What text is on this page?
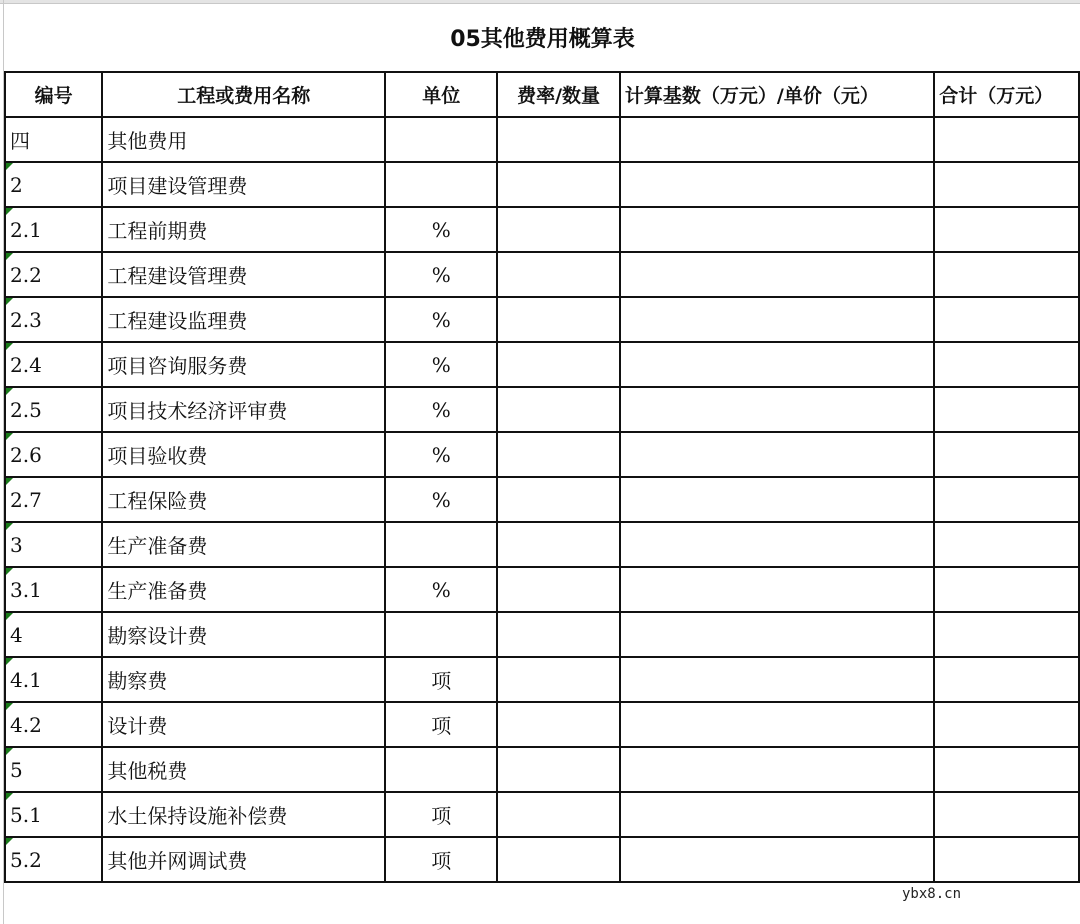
05其他费用概算表
编号	工程或费用名称	单位	费率/数量	计算基数（万元）/单价（元）	合计（万元）
四	其他费用				
2	项目建设管理费				
2.1	工程前期费	%			
2.2	工程建设管理费	%			
2.3	工程建设监理费	%			
2.4	项目咨询服务费	%			
2.5	项目技术经济评审费	%			
2.6	项目验收费	%			
2.7	工程保险费	%			
3	生产准备费				
3.1	生产准备费	%			
4	勘察设计费				
4.1	勘察费	项			
4.2	设计费	项			
5	其他税费				
5.1	水土保持设施补偿费	项			
5.2	其他并网调试费	项			
ybx8.cn
